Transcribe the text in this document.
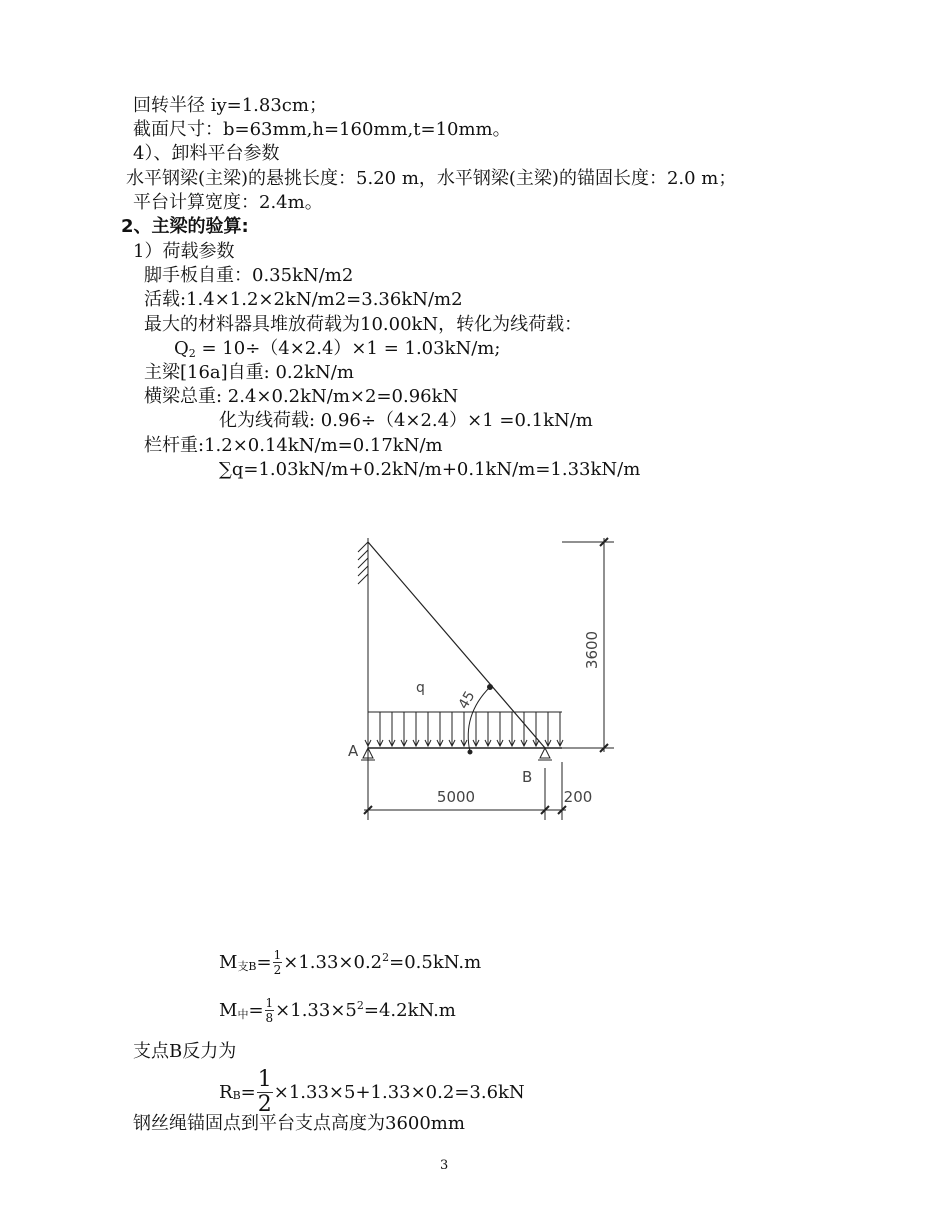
回转半径 iy=1.83cm；
截面尺寸：b=63mm,h=160mm,t=10mm。
4）、卸料平台参数
水平钢梁(主梁)的悬挑长度：5.20 m，水平钢梁(主梁)的锚固长度：2.0 m；
平台计算宽度：2.4m。
2、主梁的验算:
1）荷载参数
脚手板自重：0.35kN/m2
活载:1.4×1.2×2kN/m2=3.36kN/m2
最大的材料器具堆放荷载为10.00kN，转化为线荷载：
$Q_2 = 10\div(4\times 2.4)\times 1 = 1.03kN/m$;
主梁[16a]自重: 0.2kN/m
横梁总重: 2.4×0.2kN/m×2=0.96kN
化为线荷载: 0.96÷（4×2.4）×1 =0.1kN/m
栏杆重:1.2×0.14kN/m=0.17kN/m
∑q=1.03kN/m+0.2kN/m+0.1kN/m=1.33kN/m
q
45
A
B
3600
5000	200
M 支$B = \frac{1}{2} \times 1.33\times 0.2$ 2 =0.5kN.m
M 中 = $\frac{1}{8} \times 1.33\times 5$ 2 =4.2kN.m
支点B反力为
R $B = \frac{1}{2} \times 1.33\times 5+1.33\times 0.2=3.6kN$
钢丝绳锚固点到平台支点高度为3600mm
3
